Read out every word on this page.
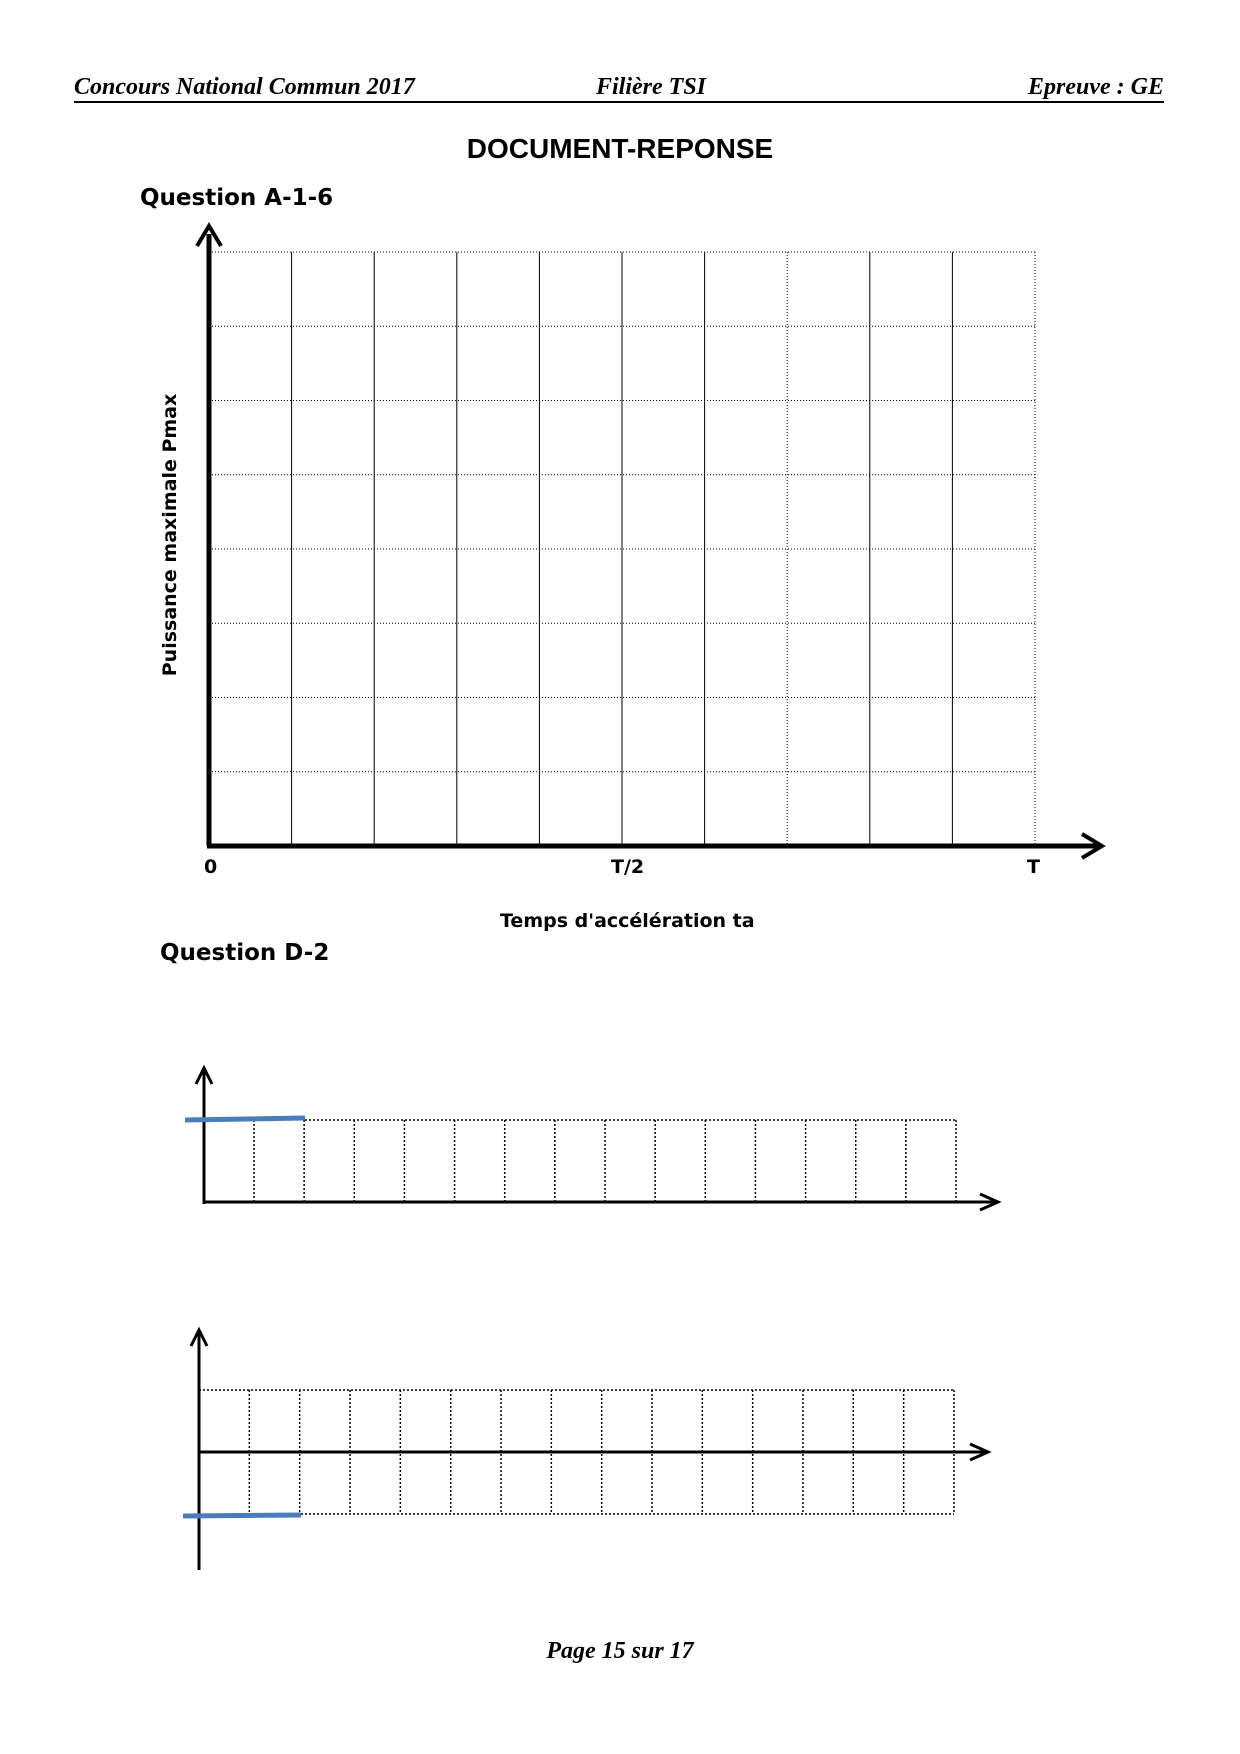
Concours National Commun 2017	Filière TSI	Epreuve : GE
DOCUMENT-REPONSE
Question A-1-6
Puissance maximale Pmax
0	T/2	T
Temps d'accélération ta
Question D-2
Page 15 sur 17
